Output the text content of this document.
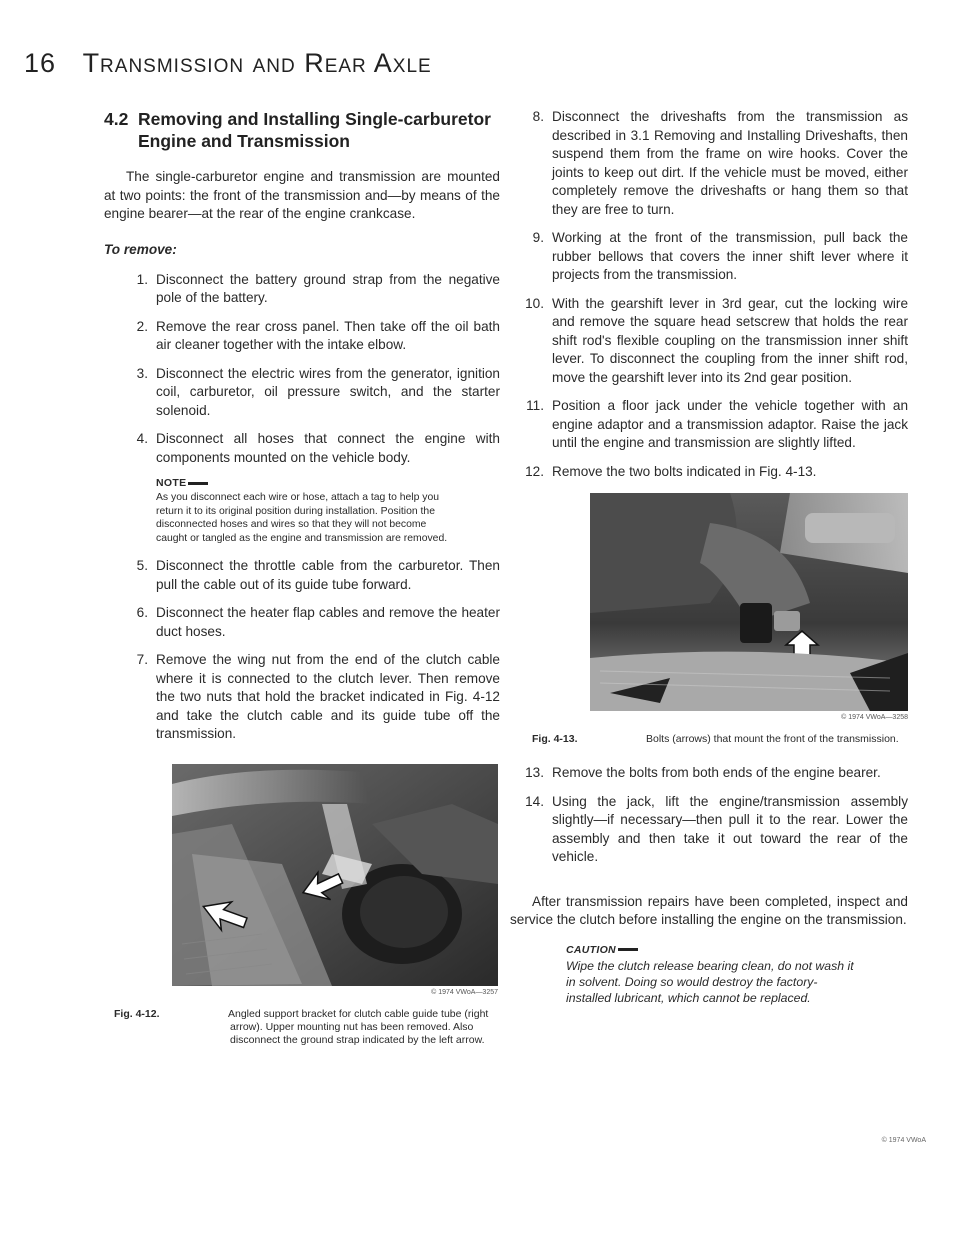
16 Transmission and Rear Axle
4.2 Removing and Installing Single-carburetor Engine and Transmission

The single-carburetor engine and transmission are mounted at two points: the front of the transmission and—by means of the engine bearer—at the rear of the engine crankcase.

To remove:
1. Disconnect the battery ground strap from the negative pole of the battery.
2. Remove the rear cross panel. Then take off the oil bath air cleaner together with the intake elbow.
3. Disconnect the electric wires from the generator, ignition coil, carburetor, oil pressure switch, and the starter solenoid.
4. Disconnect all hoses that connect the engine with components mounted on the vehicle body.
NOTE
As you disconnect each wire or hose, attach a tag to help you return it to its original position during installation. Position the disconnected hoses and wires so that they will not become caught or tangled as the engine and transmission are removed.
5. Disconnect the throttle cable from the carburetor. Then pull the cable out of its guide tube forward.
6. Disconnect the heater flap cables and remove the heater duct hoses.
7. Remove the wing nut from the end of the clutch cable where it is connected to the clutch lever. Then remove the two nuts that hold the bracket indicated in Fig. 4-12 and take the clutch cable and its guide tube off the transmission.
© 1974 VWoA—3257
Fig. 4-12.	Angled support bracket for clutch cable guide tube (right arrow). Upper mounting nut has been removed. Also disconnect the ground strap indicated by the left arrow.
8. Disconnect the driveshafts from the transmission as described in 3.1 Removing and Installing Driveshafts, then suspend them from the frame on wire hooks. Cover the joints to keep out dirt. If the vehicle must be moved, either completely remove the driveshafts or hang them so that they are free to turn.
9. Working at the front of the transmission, pull back the rubber bellows that covers the inner shift lever where it projects from the transmission.
10. With the gearshift lever in 3rd gear, cut the locking wire and remove the square head setscrew that holds the rear shift rod's flexible coupling on the transmission inner shift lever. To disconnect the coupling from the inner shift rod, move the gearshift lever into its 2nd gear position.
11. Position a floor jack under the vehicle together with an engine adaptor and a transmission adaptor. Raise the jack until the engine and transmission are slightly lifted.
12. Remove the two bolts indicated in Fig. 4-13.
© 1974 VWoA—3258
Fig. 4-13.	Bolts (arrows) that mount the front of the transmission.
13. Remove the bolts from both ends of the engine bearer.
14. Using the jack, lift the engine/transmission assembly slightly—if necessary—then pull it to the rear. Lower the assembly and then take it out toward the rear of the vehicle.

After transmission repairs have been completed, inspect and service the clutch before installing the engine on the transmission.

CAUTION
Wipe the clutch release bearing clean, do not wash it in solvent. Doing so would destroy the factory-installed lubricant, which cannot be replaced.
© 1974 VWoA
